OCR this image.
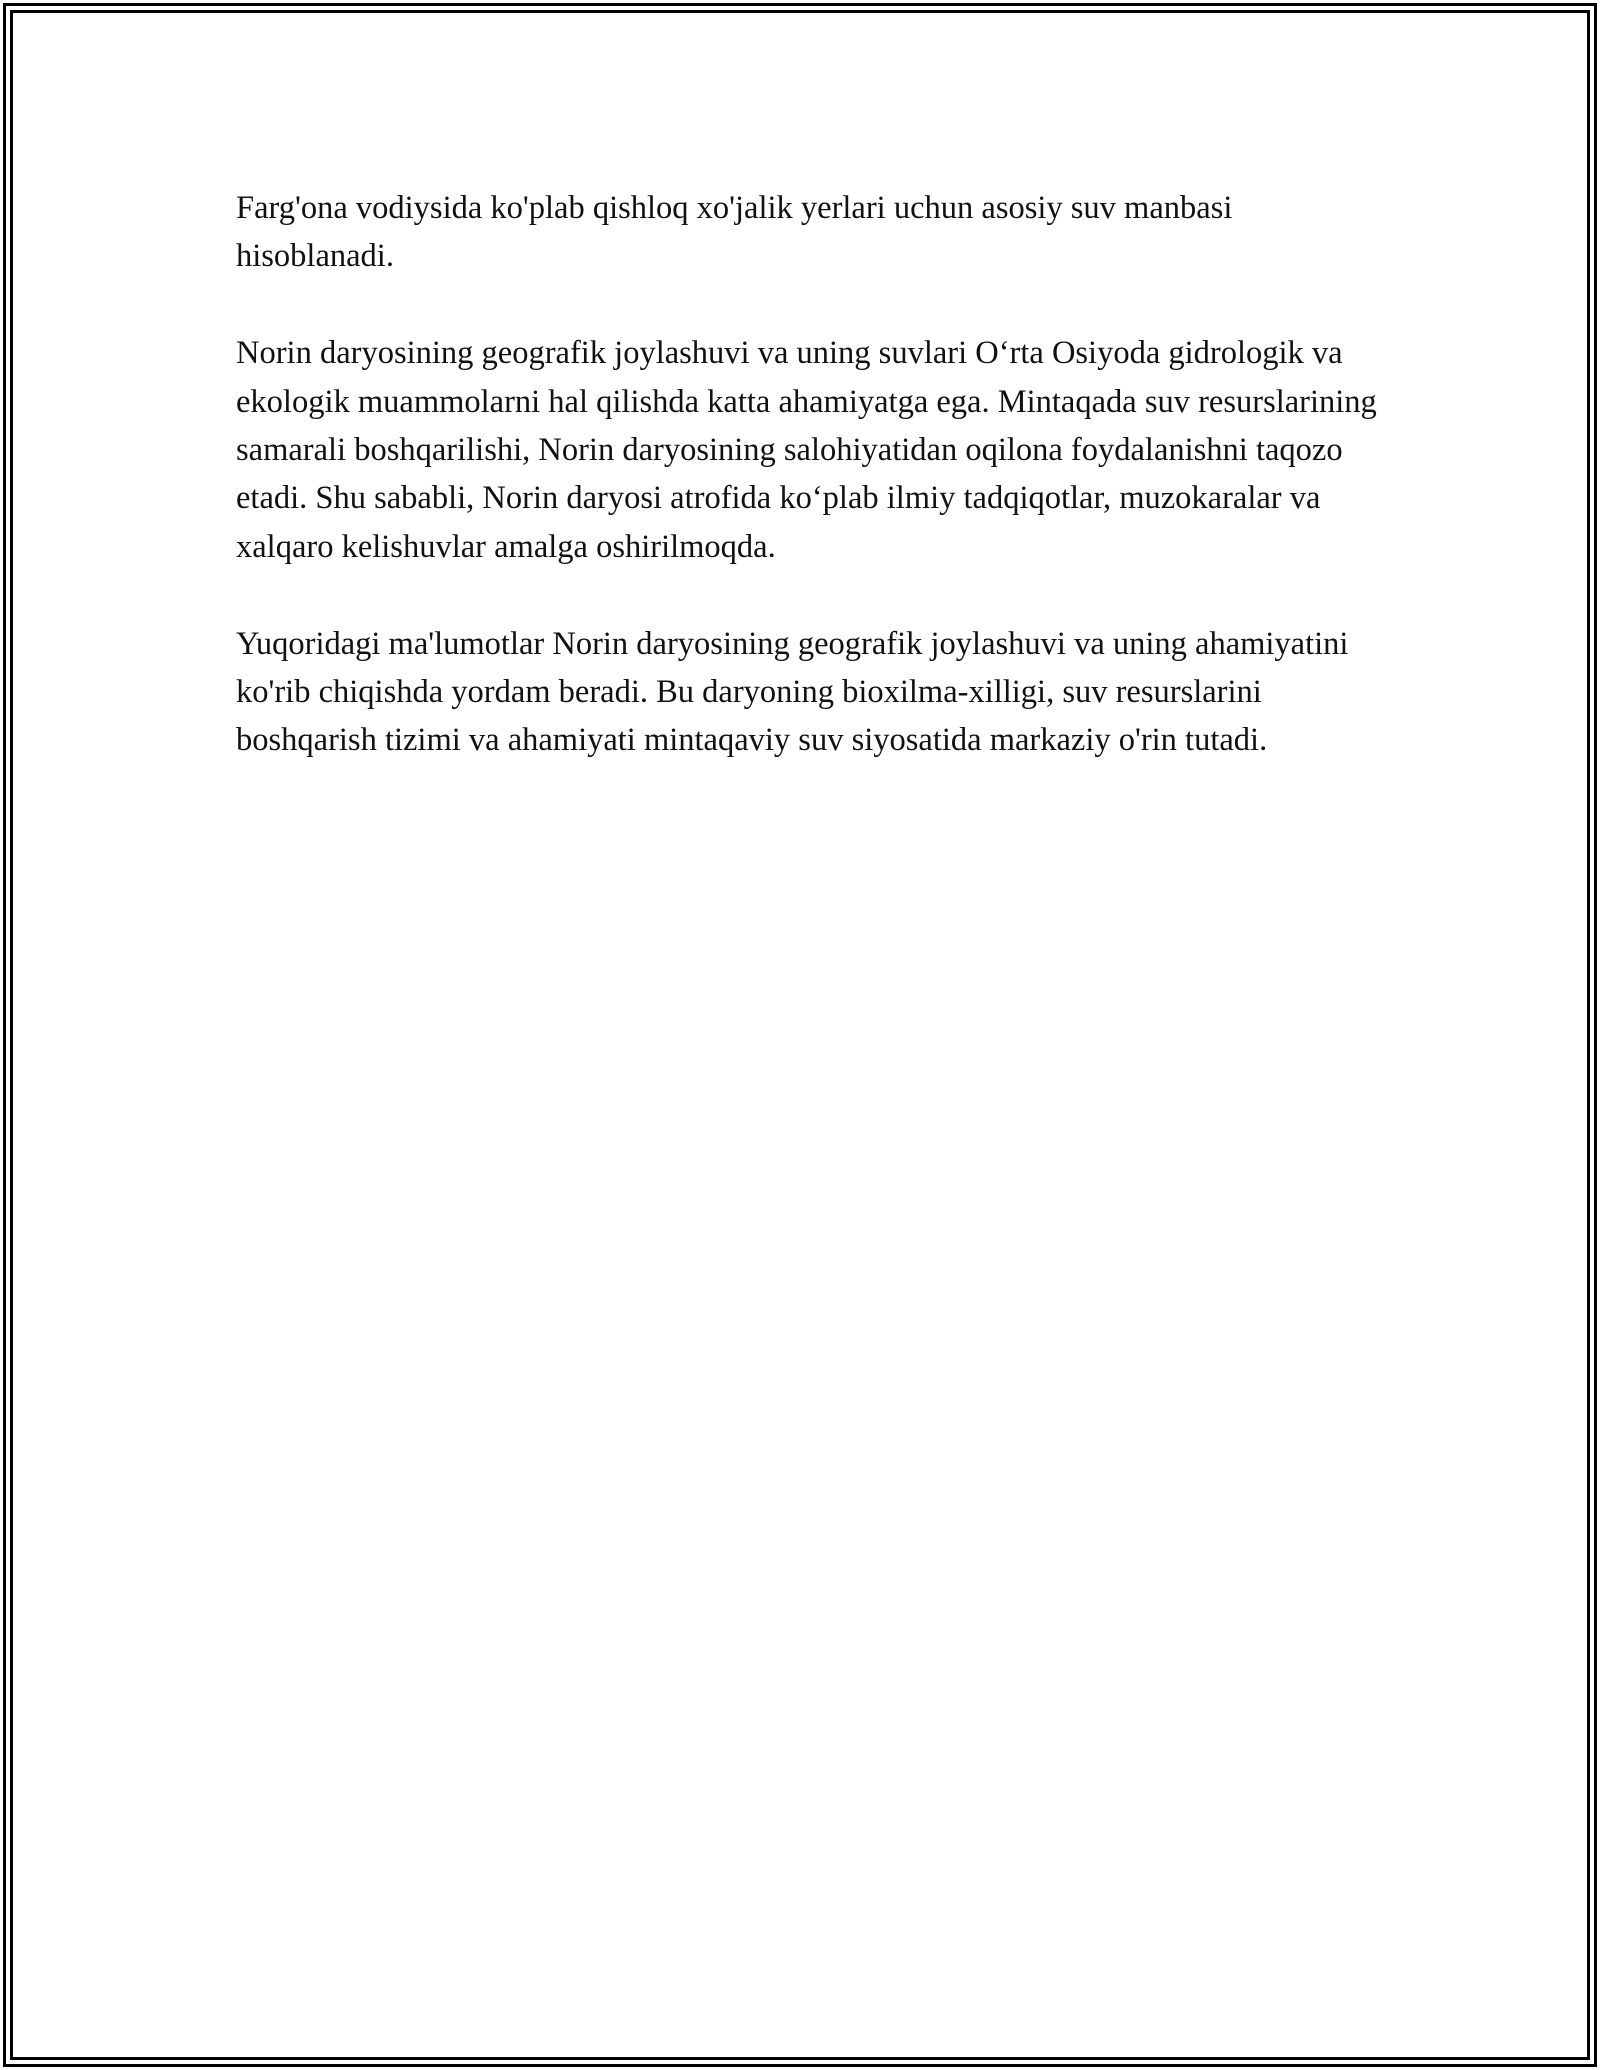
Farg'ona vodiysida ko'plab qishloq xo'jalik yerlari uchun asosiy suv manbasi hisoblanadi.

Norin daryosining geografik joylashuvi va uning suvlari O‘rta Osiyoda gidrologik va ekologik muammolarni hal qilishda katta ahamiyatga ega. Mintaqada suv resurslarining samarali boshqarilishi, Norin daryosining salohiyatidan oqilona foydalanishni taqozo etadi. Shu sababli, Norin daryosi atrofida ko‘plab ilmiy tadqiqotlar, muzokaralar va xalqaro kelishuvlar amalga oshirilmoqda.

Yuqoridagi ma'lumotlar Norin daryosining geografik joylashuvi va uning ahamiyatini ko'rib chiqishda yordam beradi. Bu daryoning bioxilma-xilligi, suv resurslarini boshqarish tizimi va ahamiyati mintaqaviy suv siyosatida markaziy o'rin tutadi.
